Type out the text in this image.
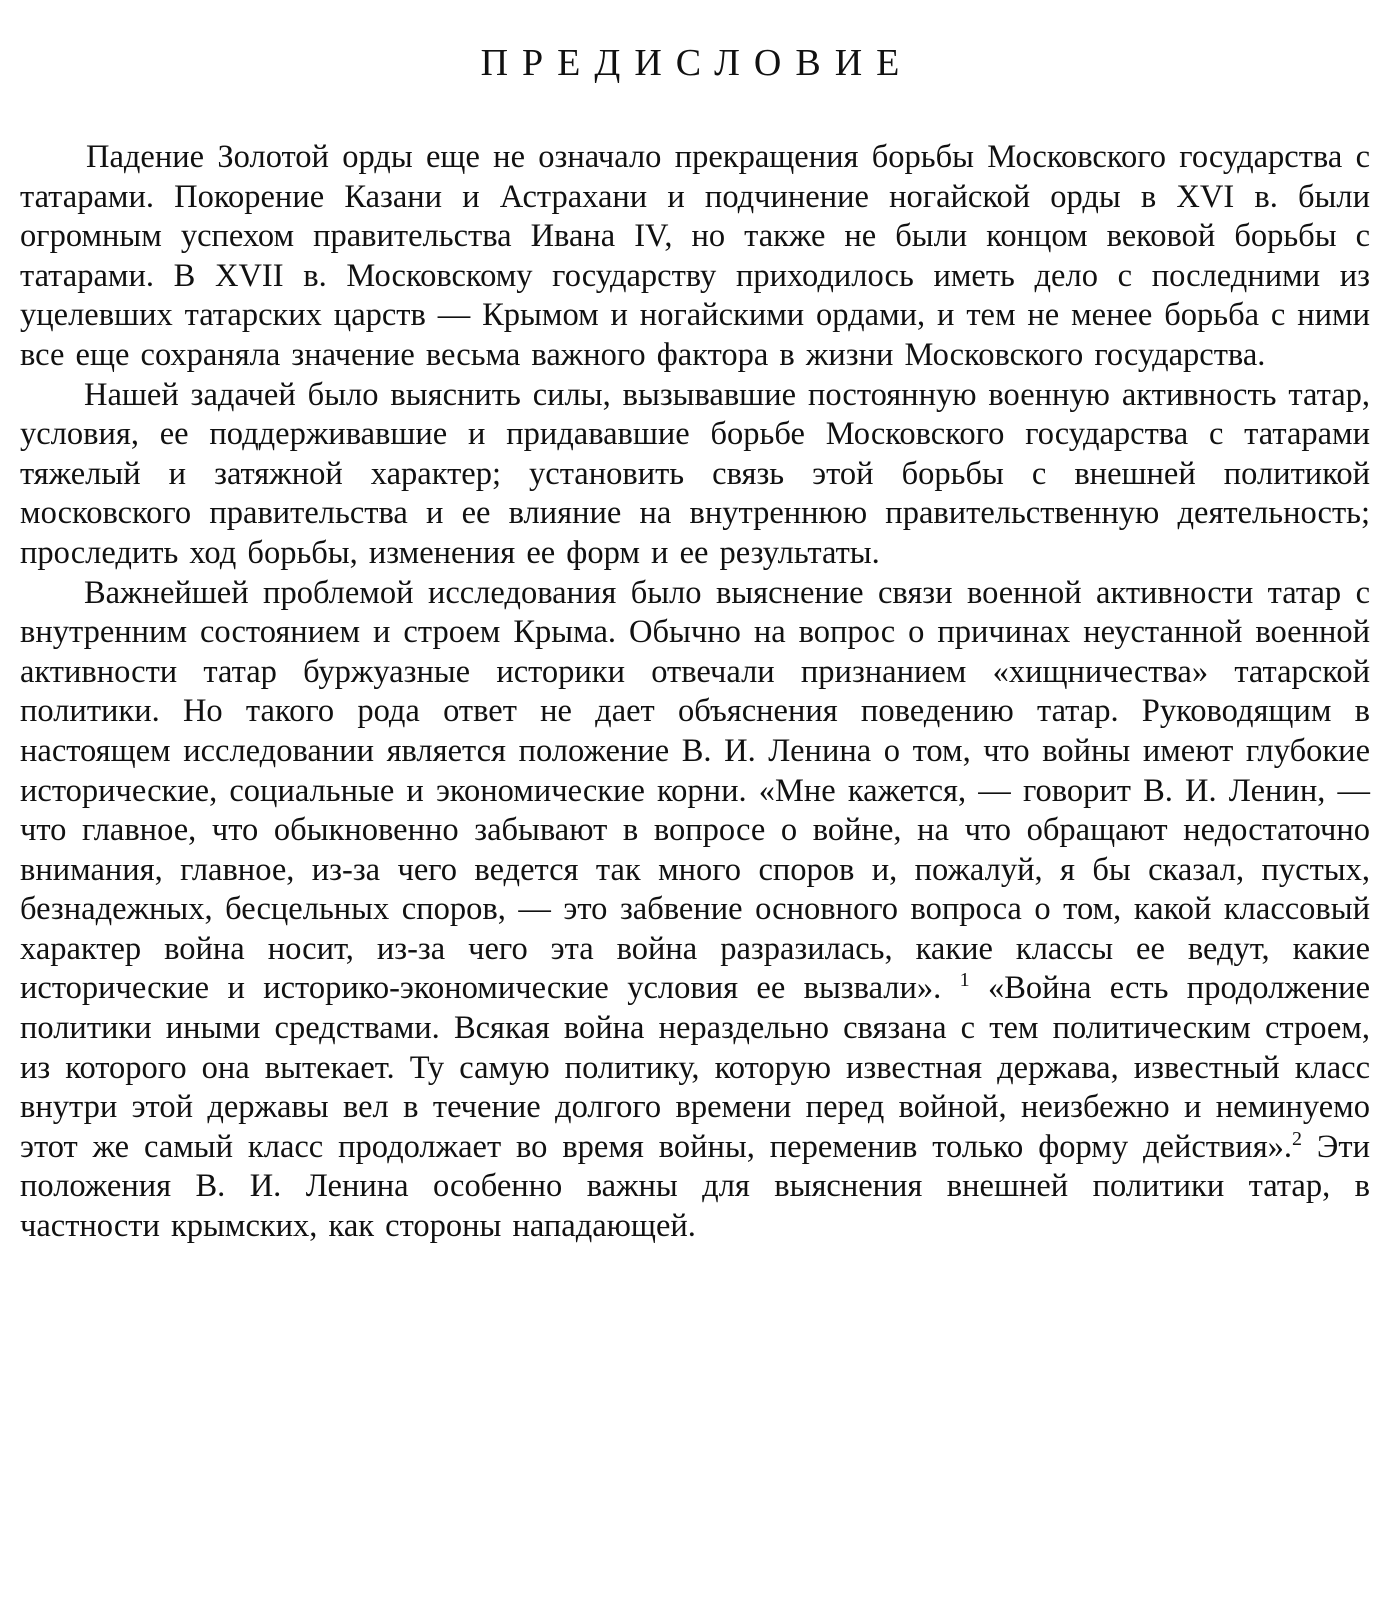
ПРЕДИСЛОВИЕ

Падение Золотой орды еще не означало прекращения борьбы Московского государства с татарами. Покорение Казани и Астрахани и подчинение ногайской орды в XVI в. были огромным успехом правительства Ивана IV, но также не были концом вековой борьбы с татарами. В XVII в. Московскому государству приходилось иметь дело с последними из уцелевших татарских царств — Крымом и ногайскими ордами, и тем не менее борьба с ними все еще сохраняла значение весьма важного фактора в жизни Московского государства.

Нашей задачей было выяснить силы, вызывавшие постоянную военную активность татар, условия, ее поддерживавшие и придававшие борьбе Московского государства с татарами тяжелый и затяжной характер; установить связь этой борьбы с внешней политикой московского правительства и ее влияние на внутреннюю правительственную деятельность; проследить ход борьбы, изменения ее форм и ее результаты.

Важнейшей проблемой исследования было выяснение связи военной активности татар с внутренним состоянием и строем Крыма. Обычно на вопрос о причинах неустанной военной активности татар буржуазные историки отвечали признанием «хищничества» татарской политики. Но такого рода ответ не дает объяснения поведению татар. Руководящим в настоящем исследовании является положение В. И. Ленина о том, что войны имеют глубокие исторические, социальные и экономические корни. «Мне кажется, — говорит В. И. Ленин, — что главное, что обыкновенно забывают в вопросе о войне, на что обращают недостаточно внимания, главное, из-за чего ведется так много споров и, пожалуй, я бы сказал, пустых, безнадежных, бесцельных споров, — это забвение основного вопроса о том, какой классовый характер война носит, из-за чего эта война разразилась, какие классы ее ведут, какие исторические и историко-экономические условия ее вызвали». $^1$ «Война есть продолжение политики иными средствами. Всякая война нераздельно связана с тем политическим строем, из которого она вытекает. Ту самую политику, которую известная держава, известный класс внутри этой державы вел в течение долгого времени перед войной, неизбежно и неминуемо этот же самый класс продолжает во время войны, переменив только форму действия».$^2$ Эти положения В. И. Ленина особенно важны для выяснения внешней политики татар, в частности крымских, как стороны нападающей.
